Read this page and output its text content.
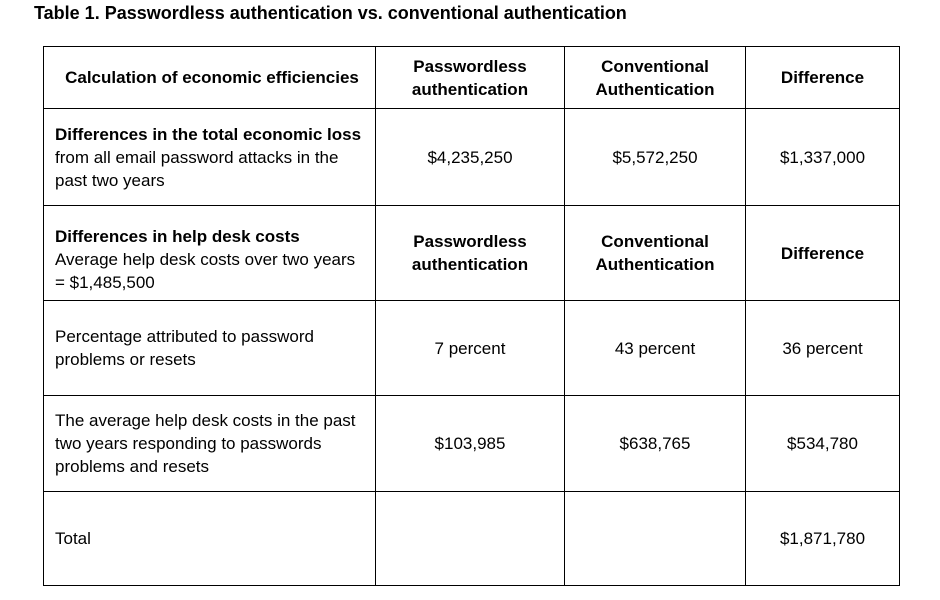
Table 1. Passwordless authentication vs. conventional authentication
Calculation of economic efficiencies	Passwordless authentication	Conventional Authentication	Difference
Differences in the total economic loss from all email password attacks in the past two years	$4,235,250	$5,572,250	$1,337,000

Differences in help desk costs
Average help desk costs over two years = $1,485,500	Passwordless authentication	Conventional Authentication	Difference
Percentage attributed to password problems or resets	7 percent	43 percent	36 percent
The average help desk costs in the past two years responding to passwords problems and resets	$103,985	$638,765	$534,780
Total			$1,871,780
